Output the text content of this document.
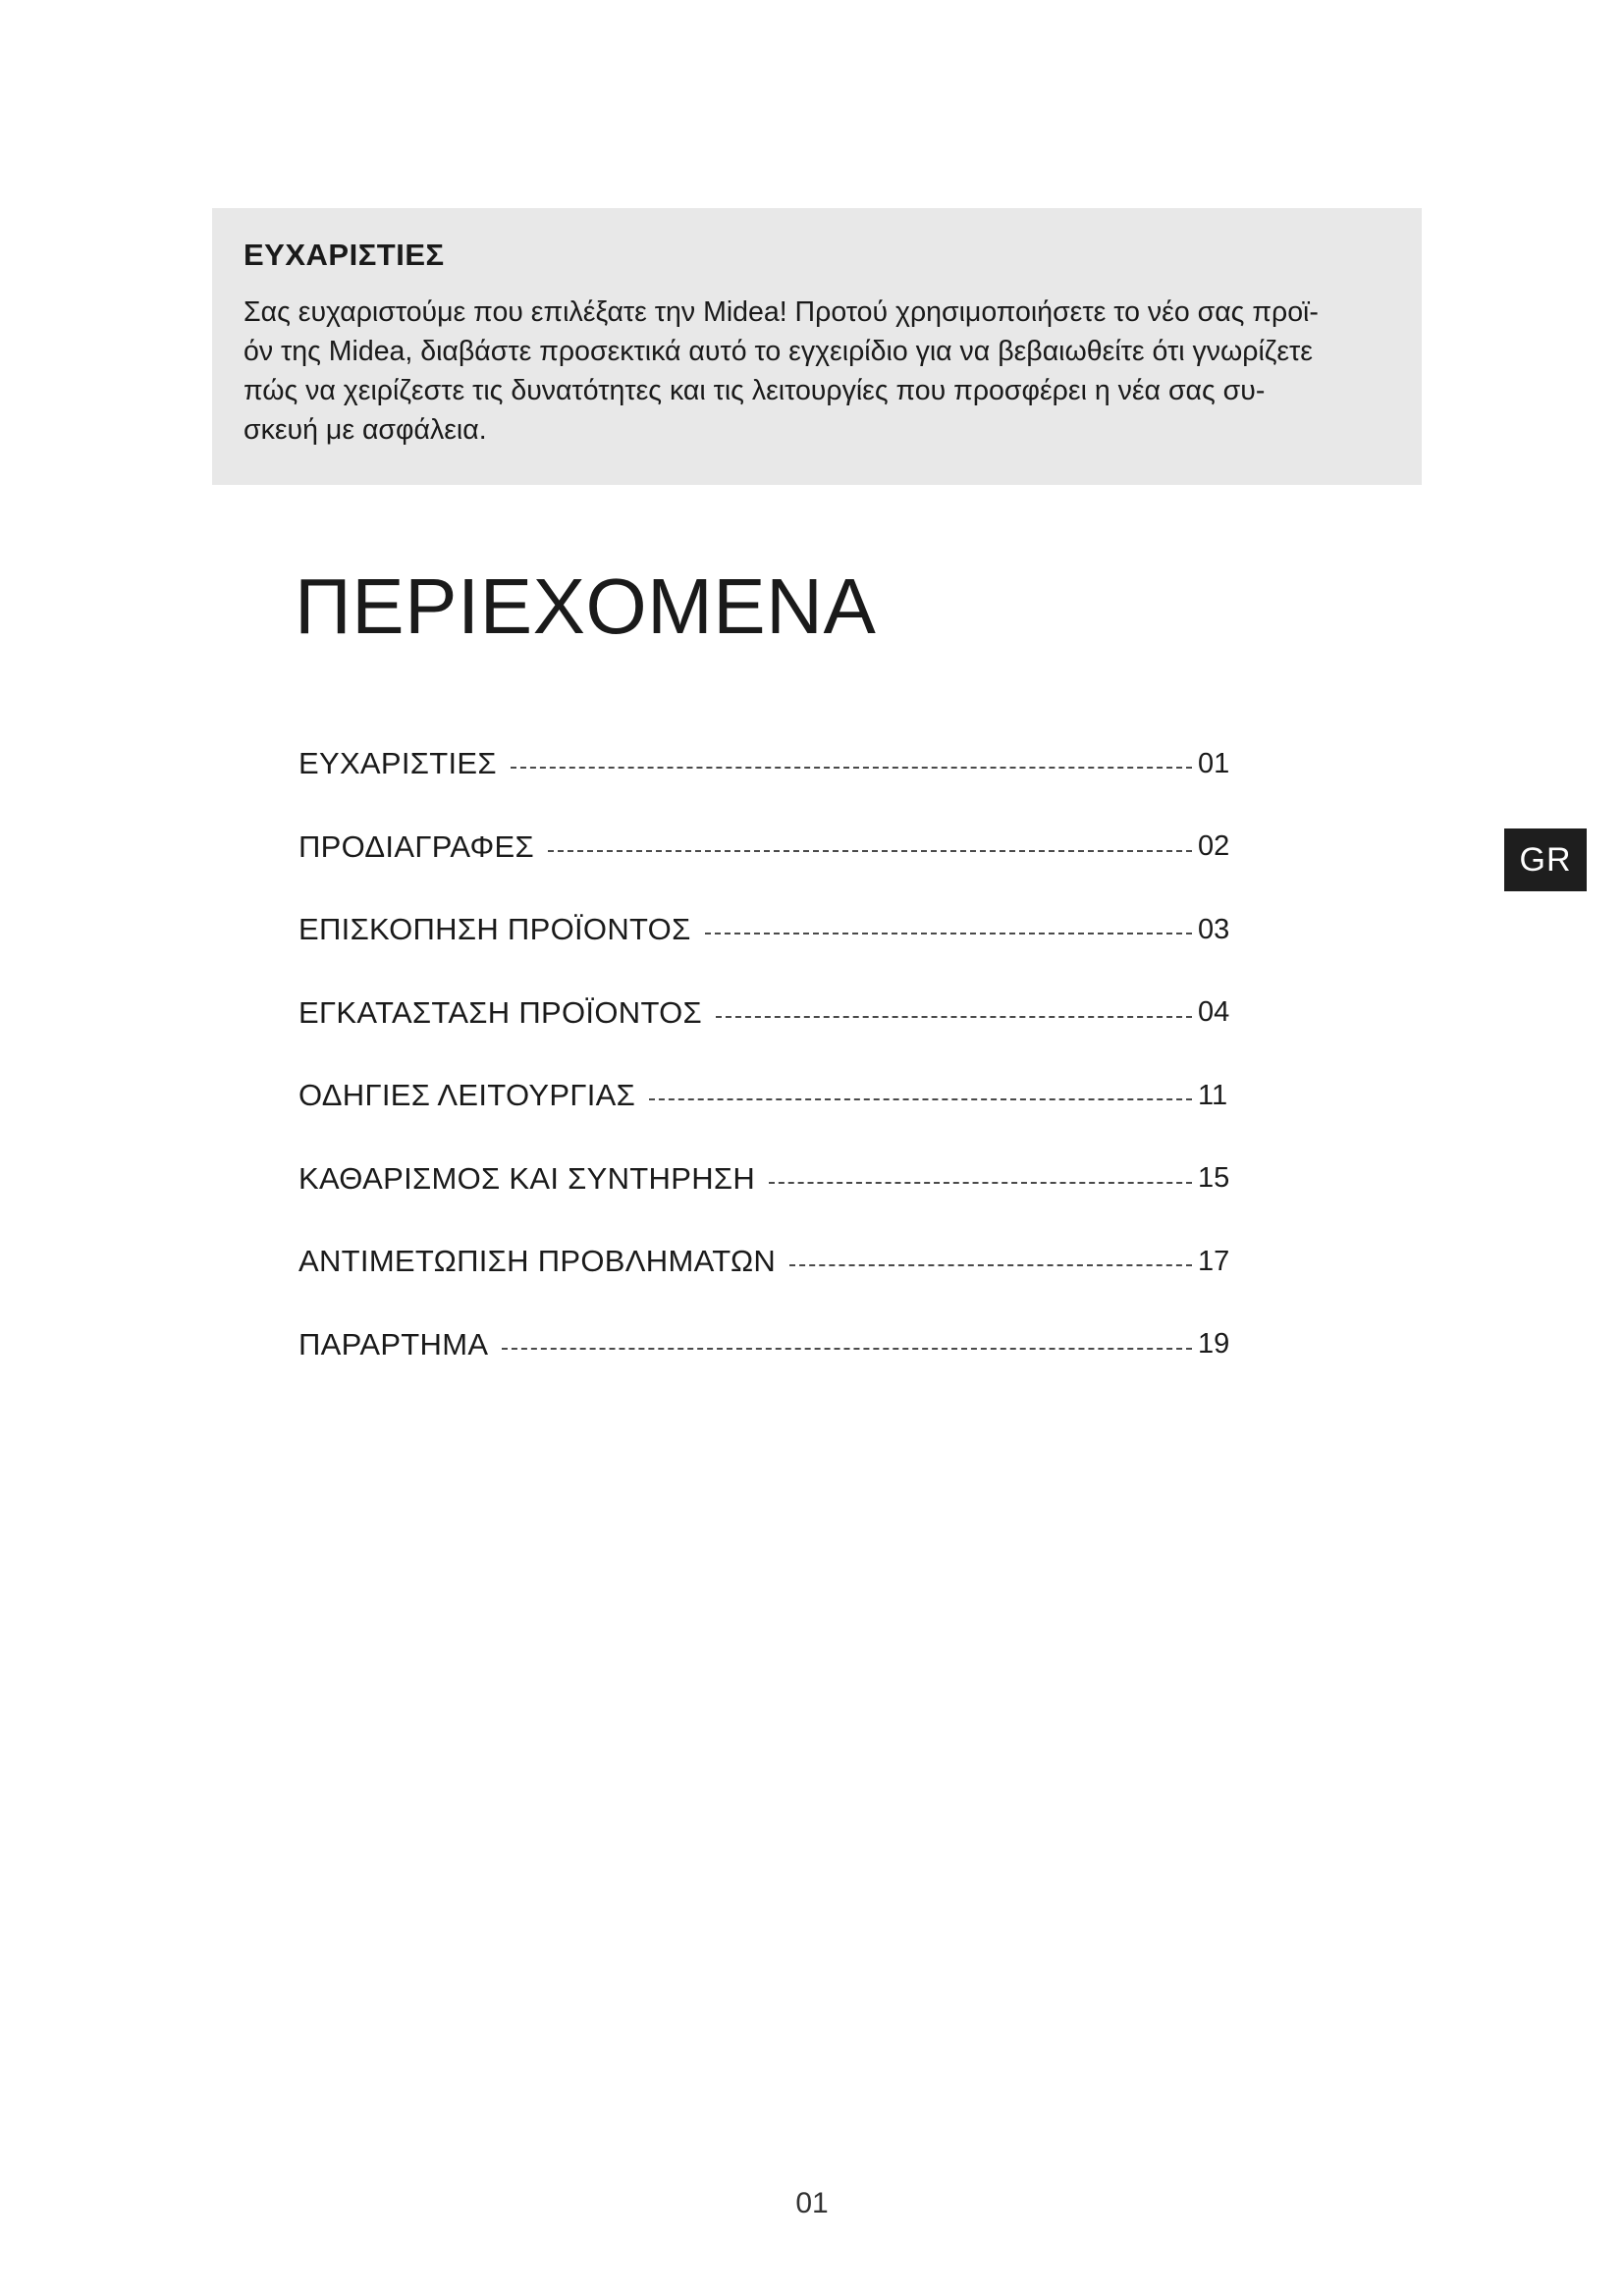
ΕΥΧΑΡΙΣΤΙΕΣ
Σας ευχαριστούμε που επιλέξατε την Midea! Προτού χρησιμοποιήσετε το νέο σας προϊ-
όν της Midea, διαβάστε προσεκτικά αυτό το εγχειρίδιο για να βεβαιωθείτε ότι γνωρίζετε
πώς να χειρίζεστε τις δυνατότητες και τις λειτουργίες που προσφέρει η νέα σας συ-
σκευή με ασφάλεια.
ΠΕΡΙΕΧΟΜΕΝΑ
ΕΥΧΑΡΙΣΤΙΕΣ	01
ΠΡΟΔΙΑΓΡΑΦΕΣ	02
ΕΠΙΣΚΟΠΗΣΗ ΠΡΟΪΟΝΤΟΣ	03
ΕΓΚΑΤΑΣΤΑΣΗ ΠΡΟΪΟΝΤΟΣ	04
ΟΔΗΓΙΕΣ ΛΕΙΤΟΥΡΓΙΑΣ	11
ΚΑΘΑΡΙΣΜΟΣ ΚΑΙ ΣΥΝΤΗΡΗΣΗ	15
ΑΝΤΙΜΕΤΩΠΙΣΗ ΠΡΟΒΛΗΜΑΤΩΝ	17
ΠΑΡΑΡΤΗΜΑ	19
GR
01
